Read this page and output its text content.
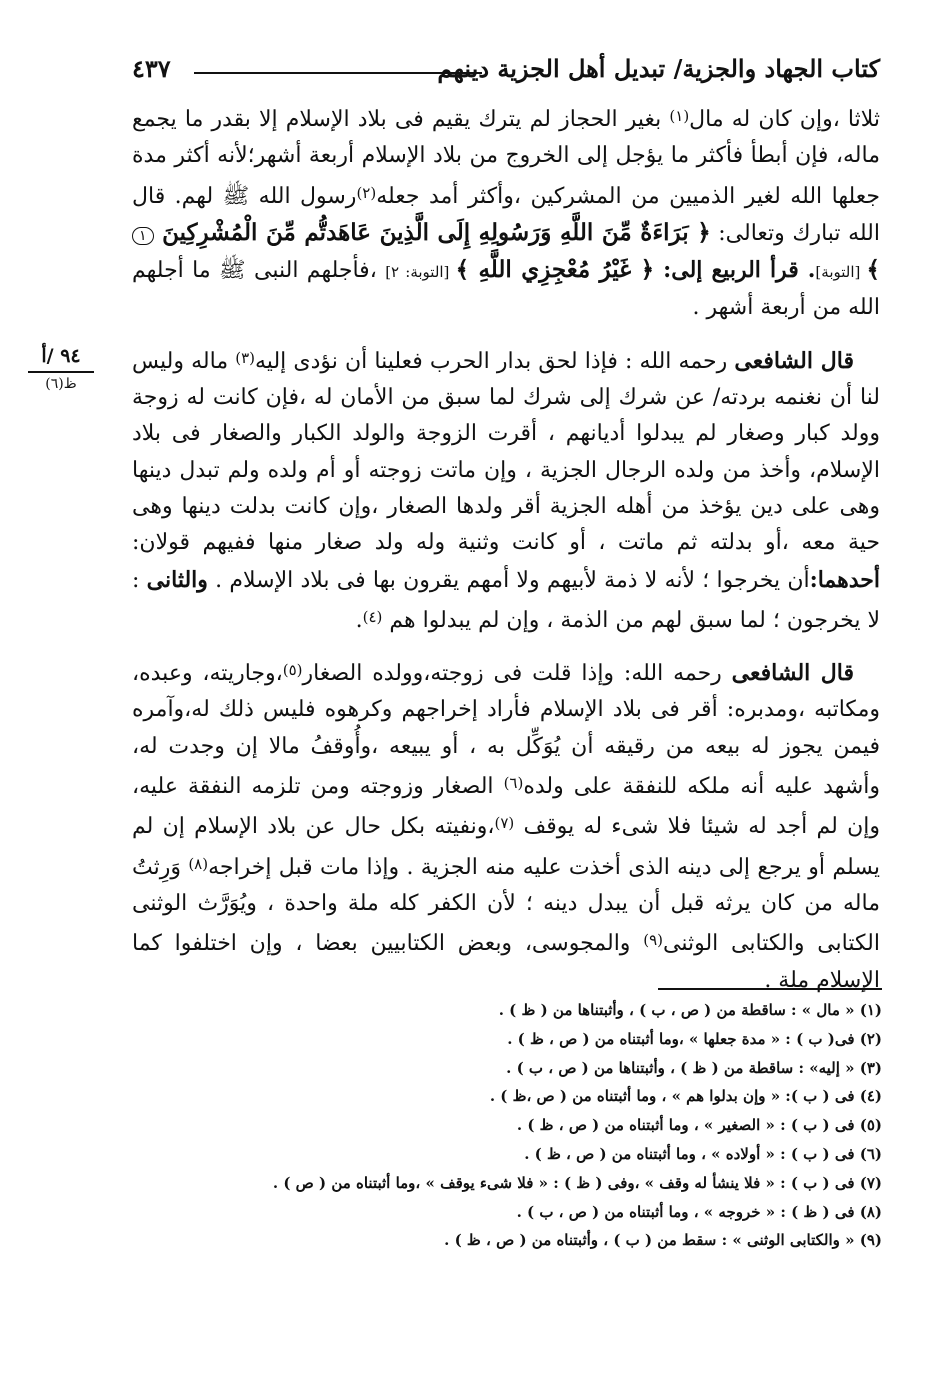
كتاب الجهاد والجزية/ تبديل أهل الجزية دينهم
٤٣٧
٩٤ /أ
ظ(٦)

ثلاثا ،وإن كان له مال$^{(١)}$ بغير الحجاز لم يترك يقيم فى بلاد الإسلام إلا بقدر ما يجمع ماله، فإن أبطأ فأكثر ما يؤجل إلى الخروج من بلاد الإسلام أربعة أشهر؛لأنه أكثر مدة جعلها الله لغير الذميين من المشركين ،وأكثر أمد جعله$^{(٢)}$رسول الله ﷺ لهم. قال الله تبارك وتعالى: ﴿ بَرَاءَةٌ مِّنَ اللَّهِ وَرَسُولِهِ إِلَى الَّذِينَ عَاهَدتُّم مِّنَ الْمُشْرِكِينَ ١ ﴾ [التوبة]. قرأ الربيع إلى: ﴿ غَيْرُ مُعْجِزِي اللَّهِ ﴾ [التوبة: ٢] ،فأجلهم النبى ﷺ ما أجلهم الله من أربعة أشهر .

قال الشافعى رحمه الله : فإذا لحق بدار الحرب فعلينا أن نؤدى إليه$^{(٣)}$ ماله وليس لنا أن نغنمه بردته/ عن شرك إلى شرك لما سبق من الأمان له ،فإن كانت له زوجة وولد كبار وصغار لم يبدلوا أديانهم ، أقرت الزوجة والولد الكبار والصغار فى بلاد الإسلام، وأخذ من ولده الرجال الجزية ، وإن ماتت زوجته أو أم ولده ولم تبدل دينها وهى على دين يؤخذ من أهله الجزية أقر ولدها الصغار ،وإن كانت بدلت دينها وهى حية معه ،أو بدلته ثم ماتت ، أو كانت وثنية وله ولد صغار منها ففيهم قولان: أحدهما:أن يخرجوا ؛ لأنه لا ذمة لأبيهم ولا أمهم يقرون بها فى بلاد الإسلام . والثانى : لا يخرجون ؛ لما سبق لهم من الذمة ، وإن لم يبدلوا هم $^{(٤)}$.

قال الشافعى رحمه الله: وإذا قلت فى زوجته،وولده الصغار$^{(٥)}$،وجاريته، وعبده، ومكاتبه ،ومدبره: أقر فى بلاد الإسلام فأراد إخراجهم وكرهوه فليس ذلك له،وآمره فيمن يجوز له بيعه من رقيقه أن يُوَكِّل به ، أو يبيعه ،وأُوقفُ مالا إن وجدت له، وأشهد عليه أنه ملكه للنفقة على ولده$^{(٦)}$ الصغار وزوجته ومن تلزمه النفقة عليه، وإن لم أجد له شيئا فلا شىء له يوقف $^{(٧)}$،ونفيته بكل حال عن بلاد الإسلام إن لم يسلم أو يرجع إلى دينه الذى أخذت عليه منه الجزية . وإذا مات قبل إخراجه$^{(٨)}$ وَرِثتُ ماله من كان يرثه قبل أن يبدل دينه ؛ لأن الكفر كله ملة واحدة ، ويُوَرَّث الوثنى الكتابى والكتابى الوثنى$^{(٩)}$ والمجوسى، وبعض الكتابيين بعضا ، وإن اختلفوا كما الإسلام ملة .

(١) « مال » : ساقطة من ( ص ، ب ) ، وأثبتناها من ( ظ ) .

(٢) فى( ب ) : « مدة جعلها » ،وما أثبتناه من ( ص ، ظ ) .

(٣) « إليه» : ساقطة من ( ظ ) ، وأثبتناها من ( ص ، ب ) .

(٤) فى ( ب ): « وإن بدلوا هم » ، وما أثبتناه من ( ص ،ظ ) .

(٥) فى ( ب ) : « الصغير » ، وما أثبتناه من ( ص ، ظ ) .

(٦) فى ( ب ) : « أولاده » ، وما أثبتناه من ( ص ، ظ ) .

(٧) فى ( ب ) : « فلا ينشأ له وقف » ،وفى ( ظ ) : « فلا شىء يوقف » ،وما أثبتناه من ( ص ) .

(٨) فى ( ظ ) : « خروجه » ، وما أثبتناه من ( ص ، ب ) .

(٩) « والكتابى الوثنى » : سقط من ( ب ) ، وأثبتناه من ( ص ، ظ ) .
